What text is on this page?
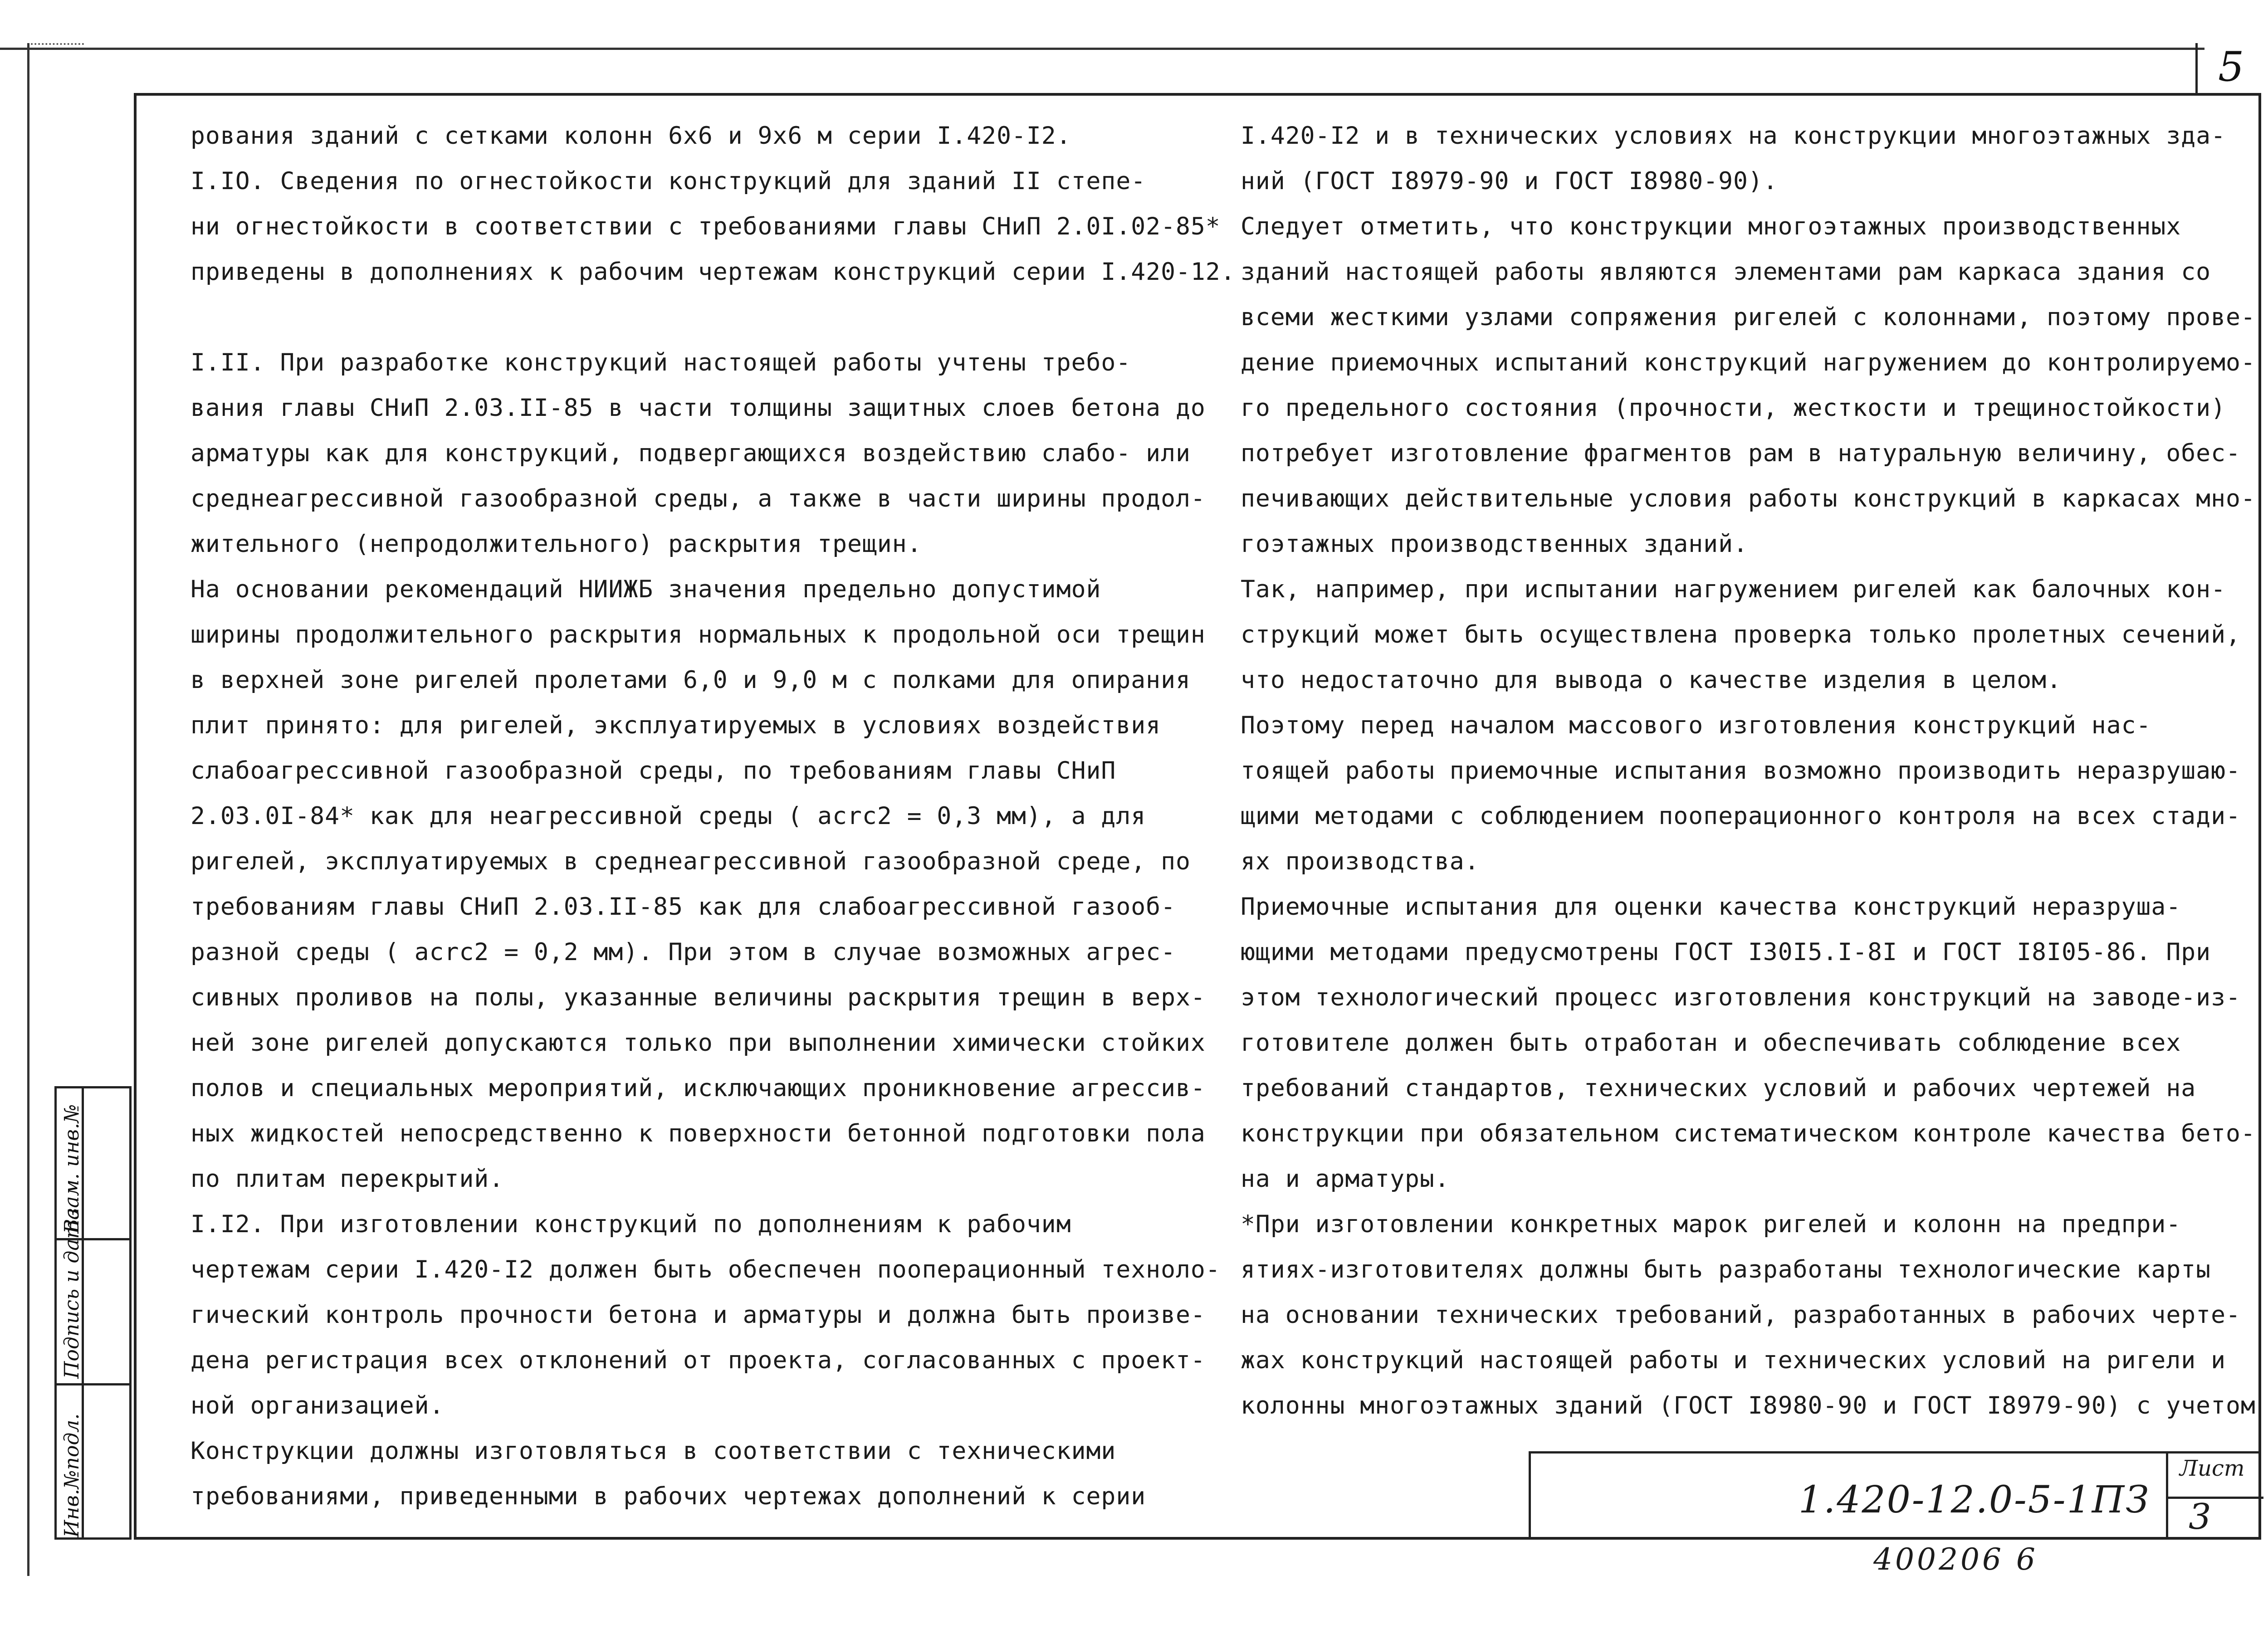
5

рования зданий с сетками колонн 6х6 и 9х6 м серии I.420-I2.

I.IO. Сведения по огнестойкости конструкций для зданий II степе-

ни огнестойкости в соответствии с требованиями главы СНиП 2.0I.02-85*

приведены в дополнениях к рабочим чертежам конструкций серии I.420-12.

I.II. При разработке конструкций настоящей работы учтены требо-

вания главы СНиП 2.03.II-85 в части толщины защитных слоев бетона до

арматуры как для конструкций, подвергающихся воздействию слабо- или

среднеагрессивной газообразной среды, а также в части ширины продол-

жительного (непродолжительного) раскрытия трещин.

На основании рекомендаций НИИЖБ значения предельно допустимой

ширины продолжительного раскрытия нормальных к продольной оси трещин

в верхней зоне ригелей пролетами 6,0 и 9,0 м с полками для опирания

плит принято: для ригелей, эксплуатируемых в условиях воздействия

слабоагрессивной газообразной среды, по требованиям главы СНиП

2.03.0I-84* как для неагрессивной среды ( acrc2 = 0,3 мм), а для

ригелей, эксплуатируемых в среднеагрессивной газообразной среде, по

требованиям главы СНиП 2.03.II-85 как для слабоагрессивной газооб-

разной среды ( acrc2 = 0,2 мм). При этом в случае возможных агрес-

сивных проливов на полы, указанные величины раскрытия трещин в верх-

ней зоне ригелей допускаются только при выполнении химически стойких

полов и специальных мероприятий, исключающих проникновение агрессив-

ных жидкостей непосредственно к поверхности бетонной подготовки пола

по плитам перекрытий.

I.I2. При изготовлении конструкций по дополнениям к рабочим

чертежам серии I.420-I2 должен быть обеспечен пооперационный техноло-

гический контроль прочности бетона и арматуры и должна быть произве-

дена регистрация всех отклонений от проекта, согласованных с проект-

ной организацией.

Конструкции должны изготовляться в соответствии с техническими

требованиями, приведенными в рабочих чертежах дополнений к серии

I.420-I2 и в технических условиях на конструкции многоэтажных зда-

ний (ГОСТ I8979-90 и ГОСТ I8980-90).

Следует отметить, что конструкции многоэтажных производственных

зданий настоящей работы являются элементами рам каркаса здания со

всеми жесткими узлами сопряжения ригелей с колоннами, поэтому прове-

дение приемочных испытаний конструкций нагружением до контролируемо-

го предельного состояния (прочности, жесткости и трещиностойкости)

потребует изготовление фрагментов рам в натуральную величину, обес-

печивающих действительные условия работы конструкций в каркасах мно-

гоэтажных производственных зданий.

Так, например, при испытании нагружением ригелей как балочных кон-

струкций может быть осуществлена проверка только пролетных сечений,

что недостаточно для вывода о качестве изделия в целом.

Поэтому перед началом массового изготовления конструкций нас-

тоящей работы приемочные испытания возможно производить неразрушаю-

щими методами с соблюдением пооперационного контроля на всех стади-

ях производства.

Приемочные испытания для оценки качества конструкций неразруша-

ющими методами предусмотрены ГОСТ I30I5.I-8I и ГОСТ I8I05-86. При

этом технологический процесс изготовления конструкций на заводе-из-

готовителе должен быть отработан и обеспечивать соблюдение всех

требований стандартов, технических условий и рабочих чертежей на

конструкции при обязательном систематическом контроле качества бето-

на и арматуры.

*При изготовлении конкретных марок ригелей и колонн на предпри-

ятиях-изготовителях должны быть разработаны технологические карты

на основании технических требований, разработанных в рабочих черте-

жах конструкций настоящей работы и технических условий на ригели и

колонны многоэтажных зданий (ГОСТ I8980-90 и ГОСТ I8979-90) с учетом

1.420-12.0-5-1ПЗ
Лист
3
400206 6
Взам. инв.№
Подпись и дата
Инв.№подл.
